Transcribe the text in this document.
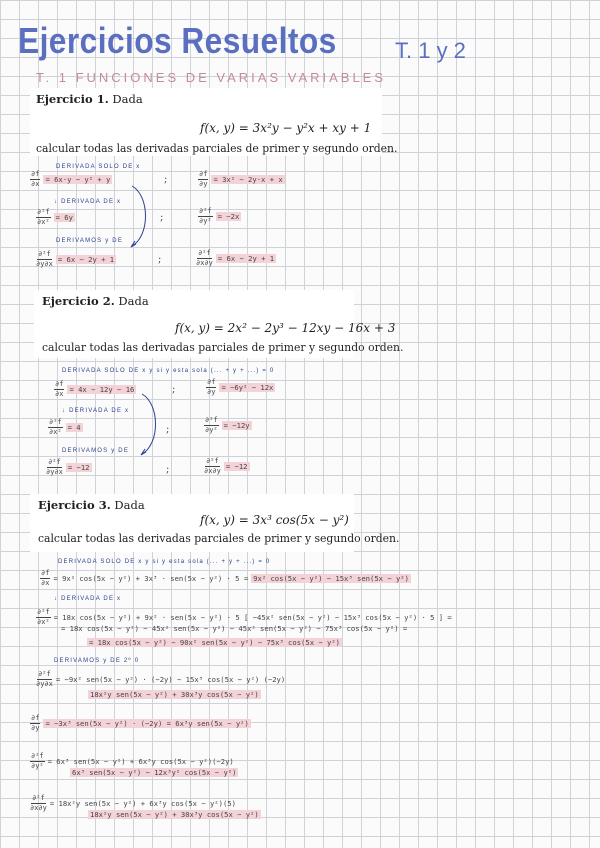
Ejercicios Resueltos	T. 1 y 2
T. 1 FUNCIONES DE VARIAS VARIABLES
Ejercicio 1. Dada
f(x, y) = 3x²y − y²x + xy + 1
calcular todas las derivadas parciales de primer y segundo orden.
DERIVADA SOLO DE x
$\frac{\partial f}{\partial x} = 6x\cdot y - y^2 + y$	;	$\frac{\partial f}{\partial y} = 3x^2 - 2y\cdot x + x$
↓ DERIVADA DE x
$\frac{\text{∂²f}}{\text{∂x²}} = 6y$	;	$\frac{\text{∂²f}}{\text{∂y²}} = -2x$
DERIVAMOS y DE
$\frac{\text{∂²f}}{\partial y\partial x} = 6x - 2y + 1$	;	$\frac{\text{∂²f}}{\partial x\partial y} = 6x - 2y + 1$
Ejercicio 2. Dada
f(x, y) = 2x² − 2y³ − 12xy − 16x + 3
calcular todas las derivadas parciales de primer y segundo orden.
DERIVADA SOLO DE x y si y esta sola (... + y + ...) = 0
$\frac{\partial f}{\partial x} = 4x - 12y - 16$	;	$\frac{\partial f}{\partial y} = -6y^2 - 12x$
↓ DERIVADA DE x
$\frac{\text{∂²f}}{\text{∂x²}} = 4$	;	$\frac{\text{∂²f}}{\text{∂y²}} = -12y$
DERIVAMOS y DE
$\frac{\text{∂²f}}{\partial y\partial x} = -12$	;	$\frac{\text{∂²f}}{\partial x\partial y} = -12$
Ejercicio 3. Dada
f(x, y) = 3x³ cos(5x − y²)
calcular todas las derivadas parciales de primer y segundo orden.
DERIVADA SOLO DE x y si y esta sola (... + y + ...) = 0
$\frac{\partial f}{\partial x} = 9x^2$ cos(5x − y²) + 3x³ · sen(5x − y²) · 5 = 9x² cos(5x − y²) − 15x³ sen(5x − y²)
↓ DERIVADA DE x
$\frac{\text{∂²f}}{\text{∂x²}} = 18x$ cos(5x − y²) + 9x² · sen(5x − y²) · 5 [ −45x² sen(5x − y²) − 15x³ cos(5x − y²) · 5 ] =
= 18x cos(5x − y²) − 45x² sen(5x − y²) − 45x² sen(5x − y²) − 75x³ cos(5x − y²) =
= 18x cos(5x − y²) − 90x² sen(5x − y²) − 75x³ cos(5x − y²)
DERIVAMOS y DE 2º 0
$\frac{\text{∂²f}}{\partial y\partial x} = -9x^2$ sen(5x − y²) · (−2y) − 15x³ cos(5x − y²) (−2y)
18x²y sen(5x − y²) + 30x³y cos(5x − y²)
$\frac{\partial f}{\partial y} = -3x^3$ sen(5x − y²) · (−2y) = 6x³y sen(5x − y²)
$\frac{\text{∂²f}}{\text{∂y²}} = 6x^3$ sen(5x − y²) + 6x³y cos(5x − y²)(−2y)
6x³ sen(5x − y²) − 12x³y² cos(5x − y²)
$\frac{\text{∂²f}}{\partial x\partial y} = 18x^2y$ sen(5x − y²) + 6x³y cos(5x − y²)(5)
18x²y sen(5x − y²) + 30x³y cos(5x − y²)
